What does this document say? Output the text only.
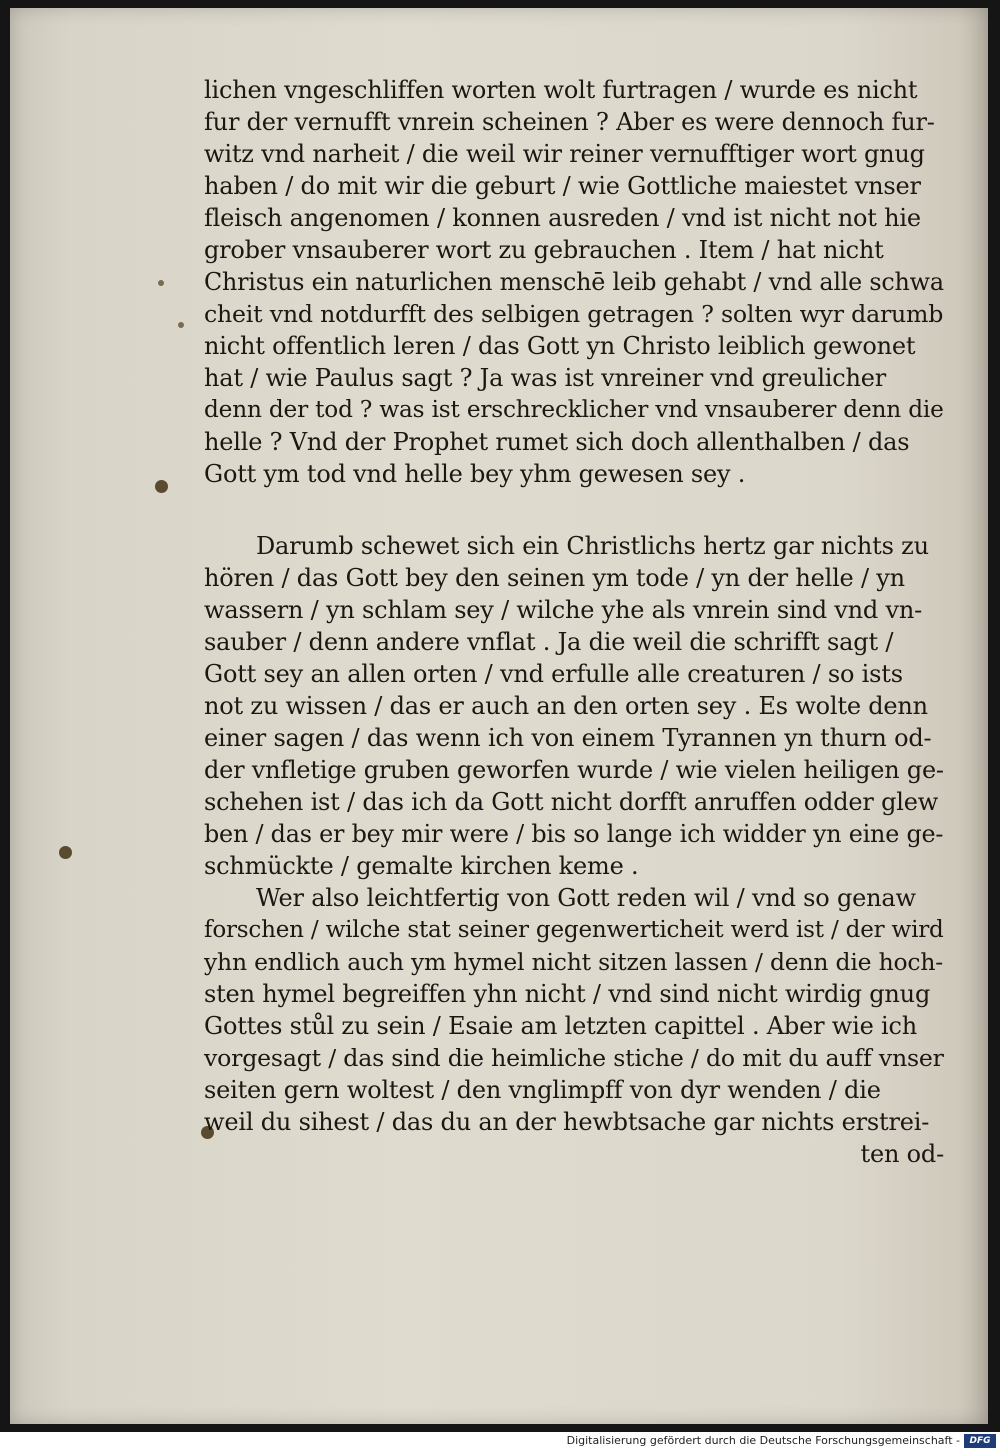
lichen vngeschliffen worten wolt furtragen / wurde es nicht
fur der vernufft vnrein scheinen ? Aber es were dennoch fur-
witz vnd narheit / die weil wir reiner vernufftiger wort gnug
haben / do mit wir die geburt / wie Gottliche maiestet vnser
fleisch angenomen / konnen ausreden / vnd ist nicht not hie
grober vnsauberer wort zu gebrauchen . Item / hat nicht
Christus ein naturlichen menschē leib gehabt / vnd alle schwa
cheit vnd notdurfft des selbigen getragen ? solten wyr darumb
nicht offentlich leren / das Gott yn Christo leiblich gewonet
hat / wie Paulus sagt ? Ja was ist vnreiner vnd greulicher
denn der tod ? was ist erschrecklicher vnd vnsauberer denn die
helle ? Vnd der Prophet rumet sich doch allenthalben / das
Gott ym tod vnd helle bey yhm gewesen sey .
Darumb schewet sich ein Christlichs hertz gar nichts zu
hören / das Gott bey den seinen ym tode / yn der helle / yn
wassern / yn schlam sey / wilche yhe als vnrein sind vnd vn-
sauber / denn andere vnflat . Ja die weil die schrifft sagt /
Gott sey an allen orten / vnd erfulle alle creaturen / so ists
not zu wissen / das er auch an den orten sey . Es wolte denn
einer sagen / das wenn ich von einem Tyrannen yn thurn od-
der vnfletige gruben geworfen wurde / wie vielen heiligen ge-
schehen ist / das ich da Gott nicht dorfft anruffen odder glew
ben / das er bey mir were / bis so lange ich widder yn eine ge-
schmückte / gemalte kirchen keme .
Wer also leichtfertig von Gott reden wil / vnd so genaw
forschen / wilche stat seiner gegenwerticheit werd ist / der wird
yhn endlich auch ym hymel nicht sitzen lassen / denn die hoch-
sten hymel begreiffen yhn nicht / vnd sind nicht wirdig gnug
Gottes stůl zu sein / Esaie am letzten capittel . Aber wie ich
vorgesagt / das sind die heimliche stiche / do mit du auff vnser
seiten gern woltest / den vnglimpff von dyr wenden / die
weil du sihest / das du an der hewbtsache gar nichts erstrei-
ten od-
Digitalisierung gefördert durch die Deutsche Forschungsgemeinschaft -	DFG
